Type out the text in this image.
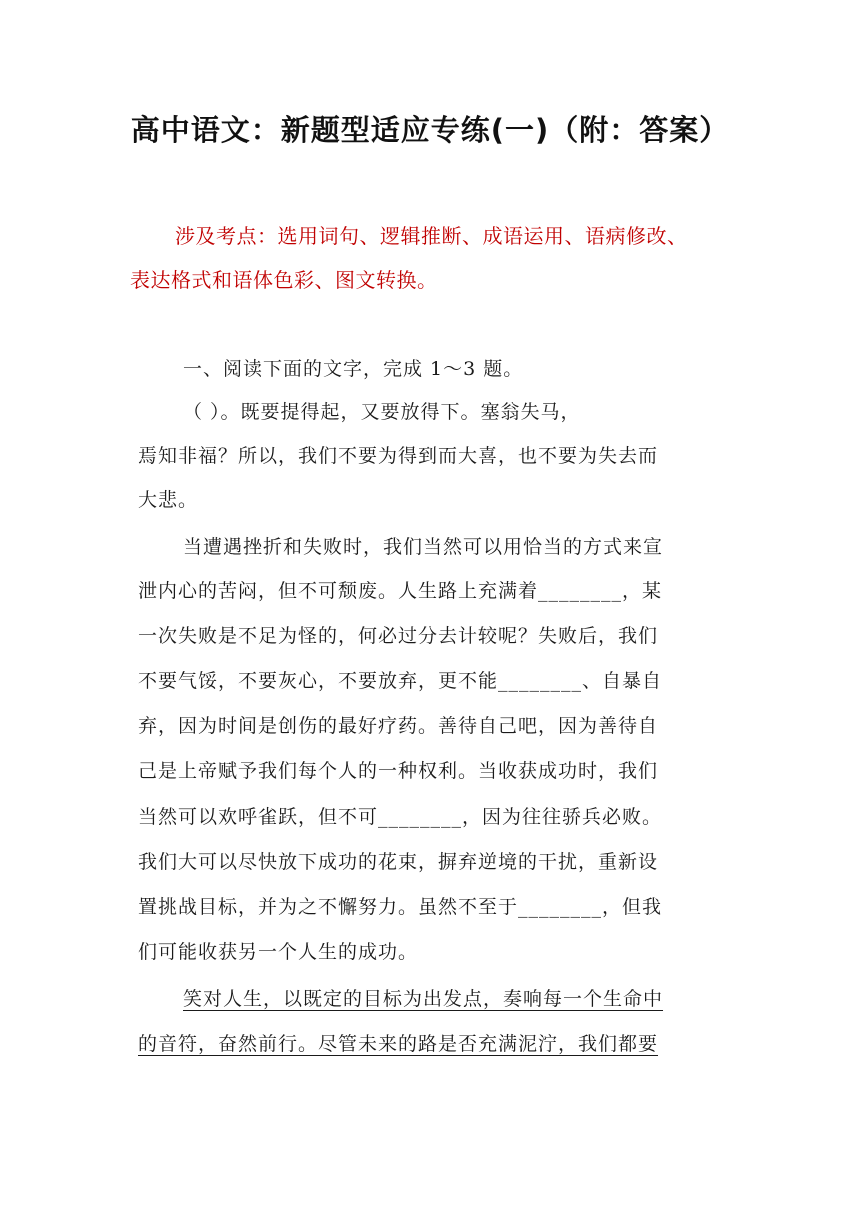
高中语文：新题型适应专练(一)（附：答案）
涉及考点：选用词句、逻辑推断、成语运用、语病修改、
表达格式和语体色彩、图文转换。
一、阅读下面的文字，完成 1～3 题。
（ ）。既要提得起，又要放得下。塞翁失马，
焉知非福？所以，我们不要为得到而大喜，也不要为失去而
大悲。
当遭遇挫折和失败时，我们当然可以用恰当的方式来宣
泄内心的苦闷，但不可颓废。人生路上充满着________，某
一次失败是不足为怪的，何必过分去计较呢？失败后，我们
不要气馁，不要灰心，不要放弃，更不能________、自暴自
弃，因为时间是创伤的最好疗药。善待自己吧，因为善待自
己是上帝赋予我们每个人的一种权利。当收获成功时，我们
当然可以欢呼雀跃，但不可________，因为往往骄兵必败。
我们大可以尽快放下成功的花束，摒弃逆境的干扰，重新设
置挑战目标，并为之不懈努力。虽然不至于________，但我
们可能收获另一个人生的成功。
笑对人生，以既定的目标为出发点，奏响每一个生命中
的音符，奋然前行。尽管未来的路是否充满泥泞，我们都要
